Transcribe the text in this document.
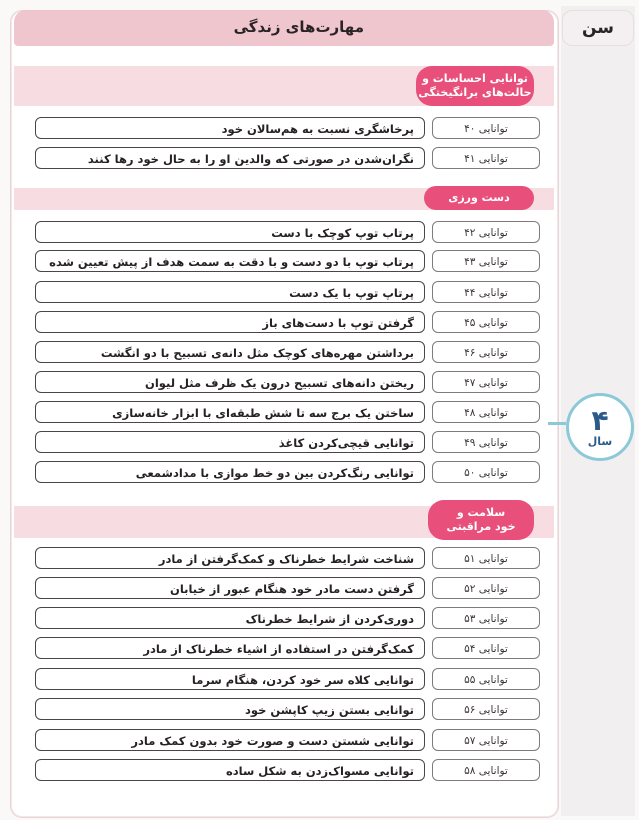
سن
مهارت‌های زندگی
۴
سال
توانایی احساسات و
حالت‌های برانگیختگی
پرخاشگری نسبت به هم‌سالان خود	توانایی ۴۰
نگران‌شدن در صورتی که والدین او را به حال خود رها کنند	توانایی ۴۱
دست ورزی
پرتاب توپ کوچک با دست	توانایی ۴۲
پرتاب توپ با دو دست و با دقت به سمت هدف از پیش تعیین شده	توانایی ۴۳
پرتاپ توپ با یک دست	توانایی ۴۴
گرفتن توپ با دست‌های باز	توانایی ۴۵
برداشتن مهره‌های کوچک مثل دانه‌ی تسبیح با دو انگشت	توانایی ۴۶
ریختن دانه‌های تسبیح درون یک ظرف مثل لیوان	توانایی ۴۷
ساختن یک برج سه تا شش طبقه‌ای با ابزار خانه‌سازی	توانایی ۴۸
توانایی قیچی‌کردن کاغذ	توانایی ۴۹
توانایی رنگ‌کردن بین دو خط موازی با مدادشمعی	توانایی ۵۰
سلامت و
خود مراقبتی
شناخت شرایط خطرناک و کمک‌گرفتن از مادر	توانایی ۵۱
گرفتن دست مادر خود هنگام عبور از خیابان	توانایی ۵۲
دوری‌کردن از شرایط خطرناک	توانایی ۵۳
کمک‌گرفتن در استفاده از اشیاء خطرناک از مادر	توانایی ۵۴
توانایی کلاه سر خود کردن، هنگام سرما	توانایی ۵۵
توانایی بستن زیپ کاپشن خود	توانایی ۵۶
توانایی شستن دست و صورت خود بدون کمک مادر	توانایی ۵۷
توانایی مسواک‌زدن به شکل ساده	توانایی ۵۸
